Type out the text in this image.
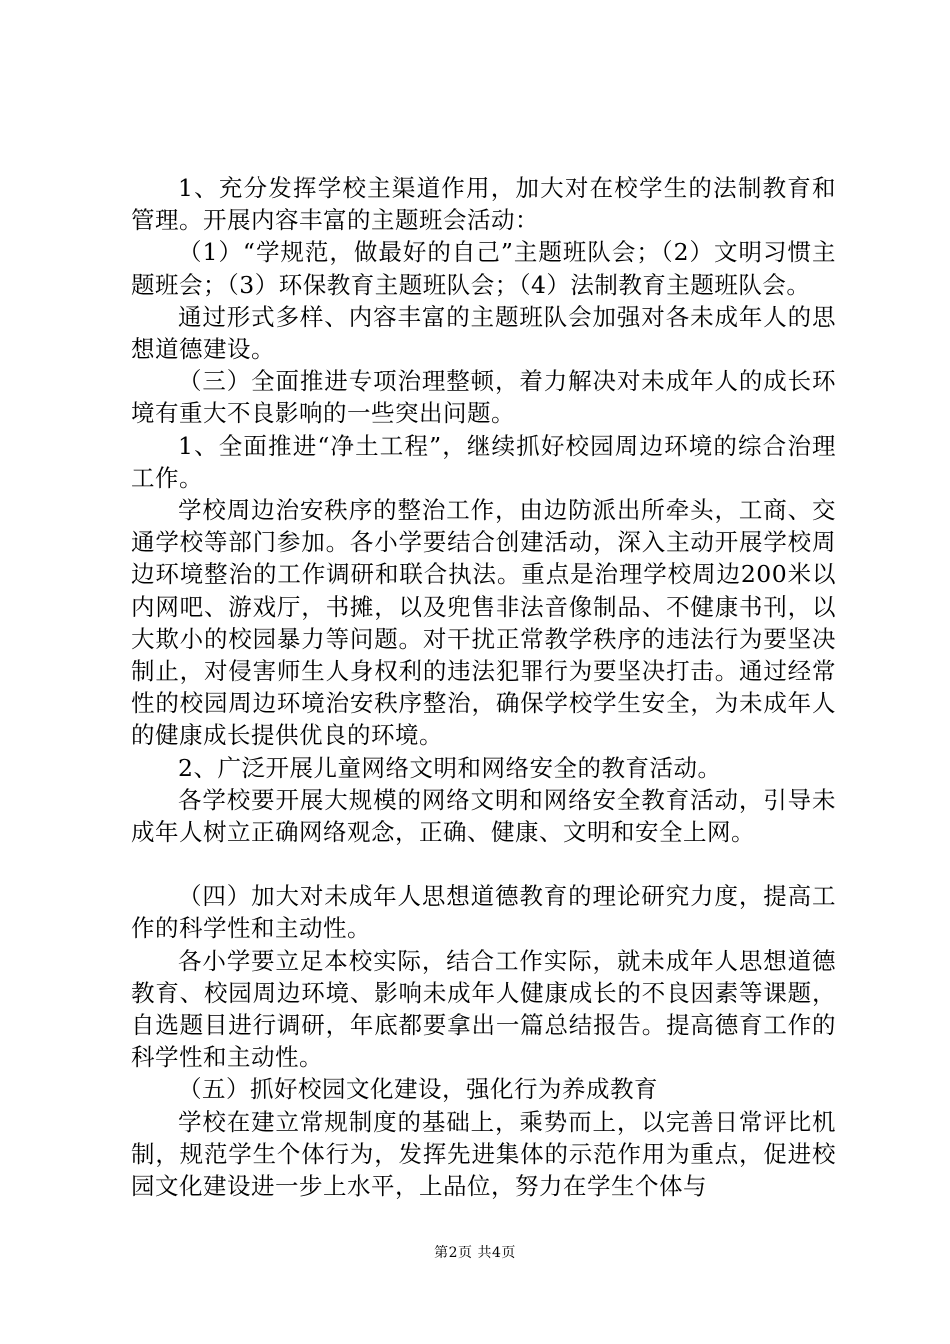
1、充分发挥学校主渠道作用，加大对在校学生的法制教育和管理。开展内容丰富的主题班会活动：

（1）“学规范，做最好的自己”主题班队会；（2）文明习惯主题班会；（3）环保教育主题班队会；（4）法制教育主题班队会。

通过形式多样、内容丰富的主题班队会加强对各未成年人的思想道德建设。

（三）全面推进专项治理整顿，着力解决对未成年人的成长环境有重大不良影响的一些突出问题。

1、全面推进“净土工程”，继续抓好校园周边环境的综合治理工作。

学校周边治安秩序的整治工作，由边防派出所牵头，工商、交通学校等部门参加。各小学要结合创建活动，深入主动开展学校周边环境整治的工作调研和联合执法。重点是治理学校周边200米以内网吧、游戏厅，书摊，以及兜售非法音像制品、不健康书刊，以大欺小的校园暴力等问题。对干扰正常教学秩序的违法行为要坚决制止，对侵害师生人身权利的违法犯罪行为要坚决打击。通过经常性的校园周边环境治安秩序整治，确保学校学生安全，为未成年人的健康成长提供优良的环境。

2、广泛开展儿童网络文明和网络安全的教育活动。

各学校要开展大规模的网络文明和网络安全教育活动，引导未成年人树立正确网络观念，正确、健康、文明和安全上网。

（四）加大对未成年人思想道德教育的理论研究力度，提高工作的科学性和主动性。

各小学要立足本校实际，结合工作实际，就未成年人思想道德教育、校园周边环境、影响未成年人健康成长的不良因素等课题，自选题目进行调研，年底都要拿出一篇总结报告。提高德育工作的科学性和主动性。

（五）抓好校园文化建设，强化行为养成教育

学校在建立常规制度的基础上，乘势而上，以完善日常评比机制，规范学生个体行为，发挥先进集体的示范作用为重点，促进校园文化建设进一步上水平，上品位，努力在学生个体与

第2页 共4页
